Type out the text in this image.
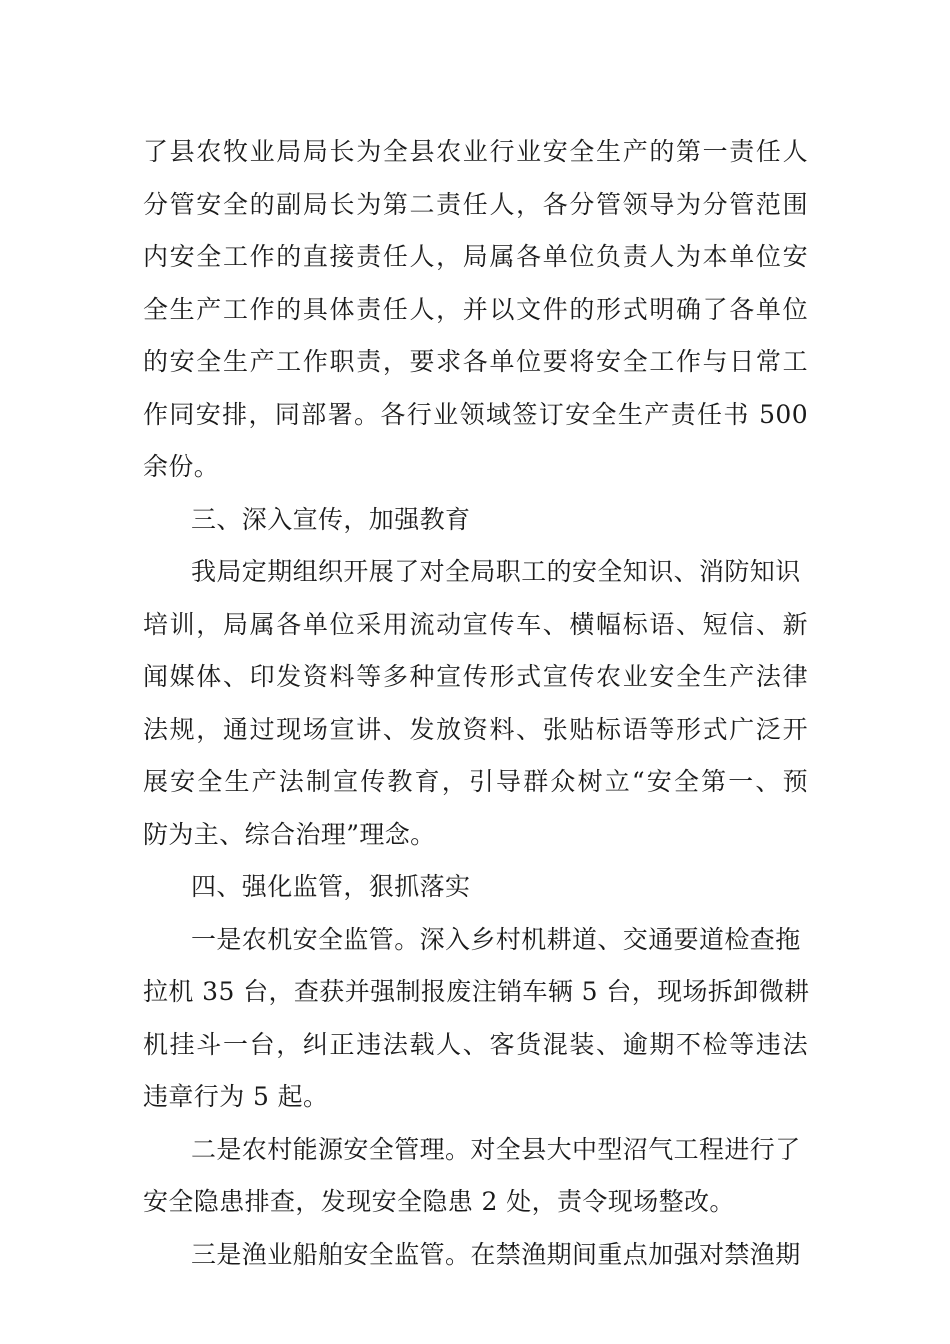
了县农牧业局局长为全县农业行业安全生产的第一责任人
分管安全的副局长为第二责任人，各分管领导为分管范围
内安全工作的直接责任人，局属各单位负责人为本单位安
全生产工作的具体责任人，并以文件的形式明确了各单位
的安全生产工作职责，要求各单位要将安全工作与日常工
作同安排，同部署。各行业领域签订安全生产责任书 500
余份。
三、深入宣传，加强教育
我局定期组织开展了对全局职工的安全知识、消防知识
培训，局属各单位采用流动宣传车、横幅标语、短信、新
闻媒体、印发资料等多种宣传形式宣传农业安全生产法律
法规，通过现场宣讲、发放资料、张贴标语等形式广泛开
展安全生产法制宣传教育，引导群众树立“安全第一、预
防为主、综合治理”理念。
四、强化监管，狠抓落实
一是农机安全监管。深入乡村机耕道、交通要道检查拖
拉机 35 台，查获并强制报废注销车辆 5 台，现场拆卸微耕
机挂斗一台，纠正违法载人、客货混装、逾期不检等违法
违章行为 5 起。
二是农村能源安全管理。对全县大中型沼气工程进行了
安全隐患排查，发现安全隐患 2 处，责令现场整改。
三是渔业船舶安全监管。在禁渔期间重点加强对禁渔期
